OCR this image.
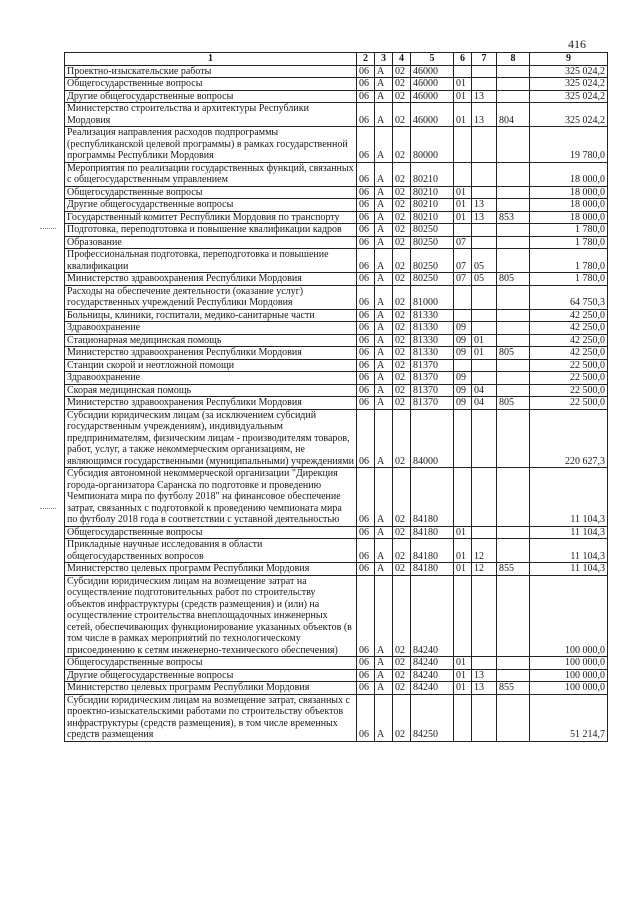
416
1	2	3	4	5	6	7	8	9
Проектно-изыскательские работы	06	А	02	46000				325 024,2
Общегосударственные вопросы	06	А	02	46000	01			325 024,2
Другие общегосударственные вопросы	06	А	02	46000	01	13		325 024,2
Министерство строительства и архитектуры Республики Мордовия	06	А	02	46000	01	13	804	325 024,2
Реализация направления расходов подпрограммы (республиканской целевой программы) в рамках государственной программы Республики Мордовия	06	А	02	80000				19 780,0
Мероприятия по реализации государственных функций, связанных с общегосударственным управлением	06	А	02	80210				18 000,0
Общегосударственные вопросы	06	А	02	80210	01			18 000,0
Другие общегосударственные вопросы	06	А	02	80210	01	13		18 000,0
Государственный комитет Республики Мордовия по транспорту	06	А	02	80210	01	13	853	18 000,0
Подготовка, переподготовка и повышение квалификации кадров	06	А	02	80250				1 780,0
Образование	06	А	02	80250	07			1 780,0
Профессиональная подготовка, переподготовка и повышение квалификации	06	А	02	80250	07	05		1 780,0
Министерство здравоохранения Республики Мордовия	06	А	02	80250	07	05	805	1 780,0
Расходы на обеспечение деятельности (оказание услуг) государственных учреждений Республики Мордовия	06	А	02	81000				64 750,3
Больницы, клиники, госпитали, медико-санитарные части	06	А	02	81330				42 250,0
Здравоохранение	06	А	02	81330	09			42 250,0
Стационарная медицинская помощь	06	А	02	81330	09	01		42 250,0
Министерство здравоохранения Республики Мордовия	06	А	02	81330	09	01	805	42 250,0
Станции скорой и неотложной помощи	06	А	02	81370				22 500,0
Здравоохранение	06	А	02	81370	09			22 500,0
Скорая медицинская помощь	06	А	02	81370	09	04		22 500,0
Министерство здравоохранения Республики Мордовия	06	А	02	81370	09	04	805	22 500,0
Субсидии юридическим лицам (за исключением субсидий государственным учреждениям), индивидуальным предпринимателям, физическим лицам - производителям товаров, работ, услуг, а также некоммерческим организациям, не являющимся государственными (муниципальными) учреждениями	06	А	02	84000				220 627,3
Субсидия автономной некоммерческой организации "Дирекция города-организатора Саранска по подготовке и проведению Чемпионата мира по футболу 2018" на финансовое обеспечение затрат, связанных с подготовкой к проведению чемпионата мира по футболу 2018 года в соответствии с уставной деятельностью	06	А	02	84180				11 104,3
Общегосударственные вопросы	06	А	02	84180	01			11 104,3
Прикладные научные исследования в области общегосударственных вопросов	06	А	02	84180	01	12		11 104,3
Министерство целевых программ Республики Мордовия	06	А	02	84180	01	12	855	11 104,3
Субсидии юридическим лицам на возмещение затрат на осуществление подготовительных работ по строительству объектов инфраструктуры (средств размещения) и (или) на осуществление строительства внеплощадочных инженерных сетей, обеспечивающих функционирование указанных объектов (в том числе в рамках мероприятий по технологическому присоединению к сетям инженерно-технического обеспечения)	06	А	02	84240				100 000,0
Общегосударственные вопросы	06	А	02	84240	01			100 000,0
Другие общегосударственные вопросы	06	А	02	84240	01	13		100 000,0
Министерство целевых программ Республики Мордовия	06	А	02	84240	01	13	855	100 000,0
Субсидии юридическим лицам на возмещение затрат, связанных с проектно-изыскательскими работами по строительству объектов инфраструктуры (средств размещения), в том числе временных средств размещения	06	А	02	84250				51 214,7
